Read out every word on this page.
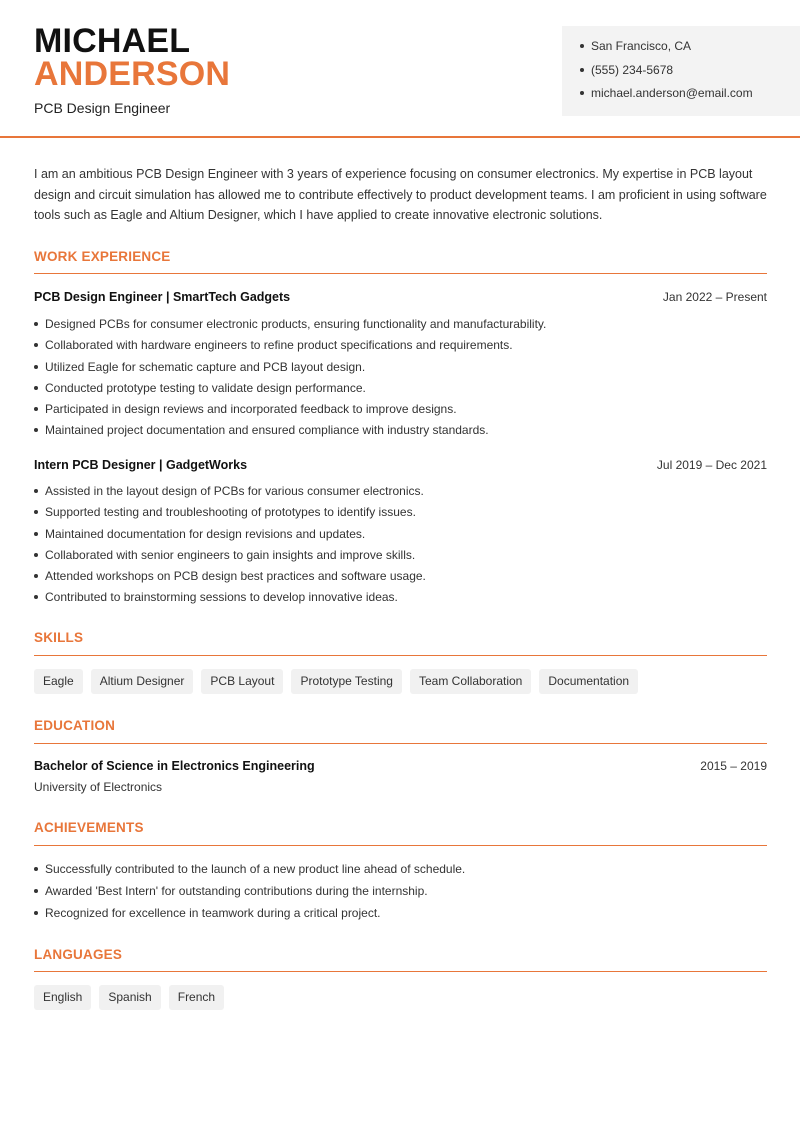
MICHAEL
ANDERSON
PCB Design Engineer
San Francisco, CA
(555) 234-5678
michael.anderson@email.com

I am an ambitious PCB Design Engineer with 3 years of experience focusing on consumer electronics. My expertise in PCB layout design and circuit simulation has allowed me to contribute effectively to product development teams. I am proficient in using software tools such as Eagle and Altium Designer, which I have applied to create innovative electronic solutions.

WORK EXPERIENCE
PCB Design Engineer | SmartTech Gadgets	Jan 2022 – Present
Designed PCBs for consumer electronic products, ensuring functionality and manufacturability.
Collaborated with hardware engineers to refine product specifications and requirements.
Utilized Eagle for schematic capture and PCB layout design.
Conducted prototype testing to validate design performance.
Participated in design reviews and incorporated feedback to improve designs.
Maintained project documentation and ensured compliance with industry standards.
Intern PCB Designer | GadgetWorks	Jul 2019 – Dec 2021
Assisted in the layout design of PCBs for various consumer electronics.
Supported testing and troubleshooting of prototypes to identify issues.
Maintained documentation for design revisions and updates.
Collaborated with senior engineers to gain insights and improve skills.
Attended workshops on PCB design best practices and software usage.
Contributed to brainstorming sessions to develop innovative ideas.
SKILLS
Eagle	Altium Designer	PCB Layout	Prototype Testing	Team Collaboration	Documentation
EDUCATION
Bachelor of Science in Electronics Engineering	2015 – 2019
University of Electronics
ACHIEVEMENTS
Successfully contributed to the launch of a new product line ahead of schedule.
Awarded 'Best Intern' for outstanding contributions during the internship.
Recognized for excellence in teamwork during a critical project.
LANGUAGES
English	Spanish	French
